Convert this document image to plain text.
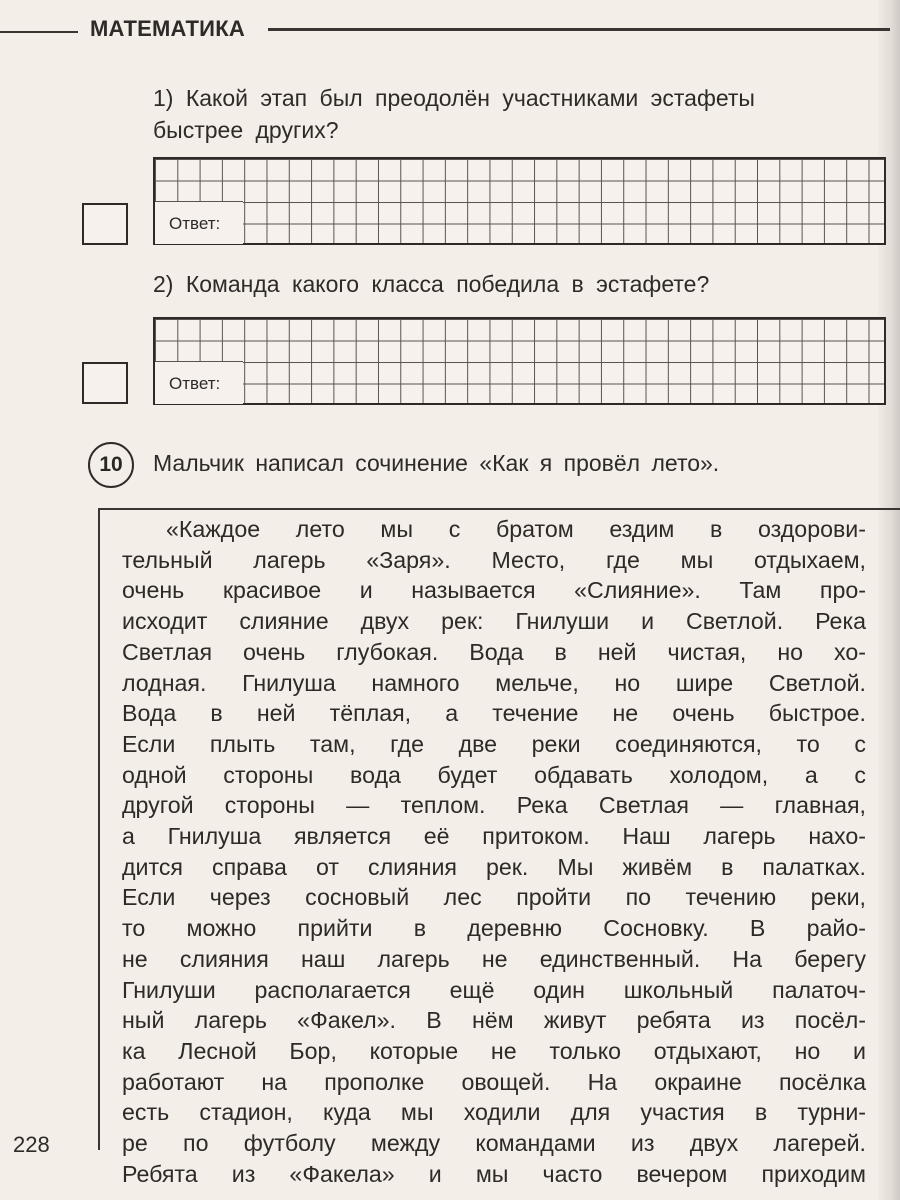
МАТЕМАТИКА
1) Какой этап был преодолён участниками эстафеты
быстрее других?
Ответ:
2) Команда какого класса победила в эстафете?
Ответ:
10 Мальчик написал сочинение «Как я провёл лето».
«Каждое лето мы с братом ездим в оздорови-
тельный лагерь «Заря». Место, где мы отдыхаем,
очень красивое и называется «Слияние». Там про-
исходит слияние двух рек: Гнилуши и Светлой. Река
Светлая очень глубокая. Вода в ней чистая, но хо-
лодная. Гнилуша намного мельче, но шире Светлой.
Вода в ней тёплая, а течение не очень быстрое.
Если плыть там, где две реки соединяются, то с
одной стороны вода будет обдавать холодом, а с
другой стороны — теплом. Река Светлая — главная,
а Гнилуша является её притоком. Наш лагерь нахо-
дится справа от слияния рек. Мы живём в палатках.
Если через сосновый лес пройти по течению реки,
то можно прийти в деревню Сосновку. В райо-
не слияния наш лагерь не единственный. На берегу
Гнилуши располагается ещё один школьный палаточ-
ный лагерь «Факел». В нём живут ребята из посёл-
ка Лесной Бор, которые не только отдыхают, но и
работают на прополке овощей. На окраине посёлка
есть стадион, куда мы ходили для участия в турни-
ре по футболу между командами из двух лагерей.
Ребята из «Факела» и мы часто вечером приходим
228
